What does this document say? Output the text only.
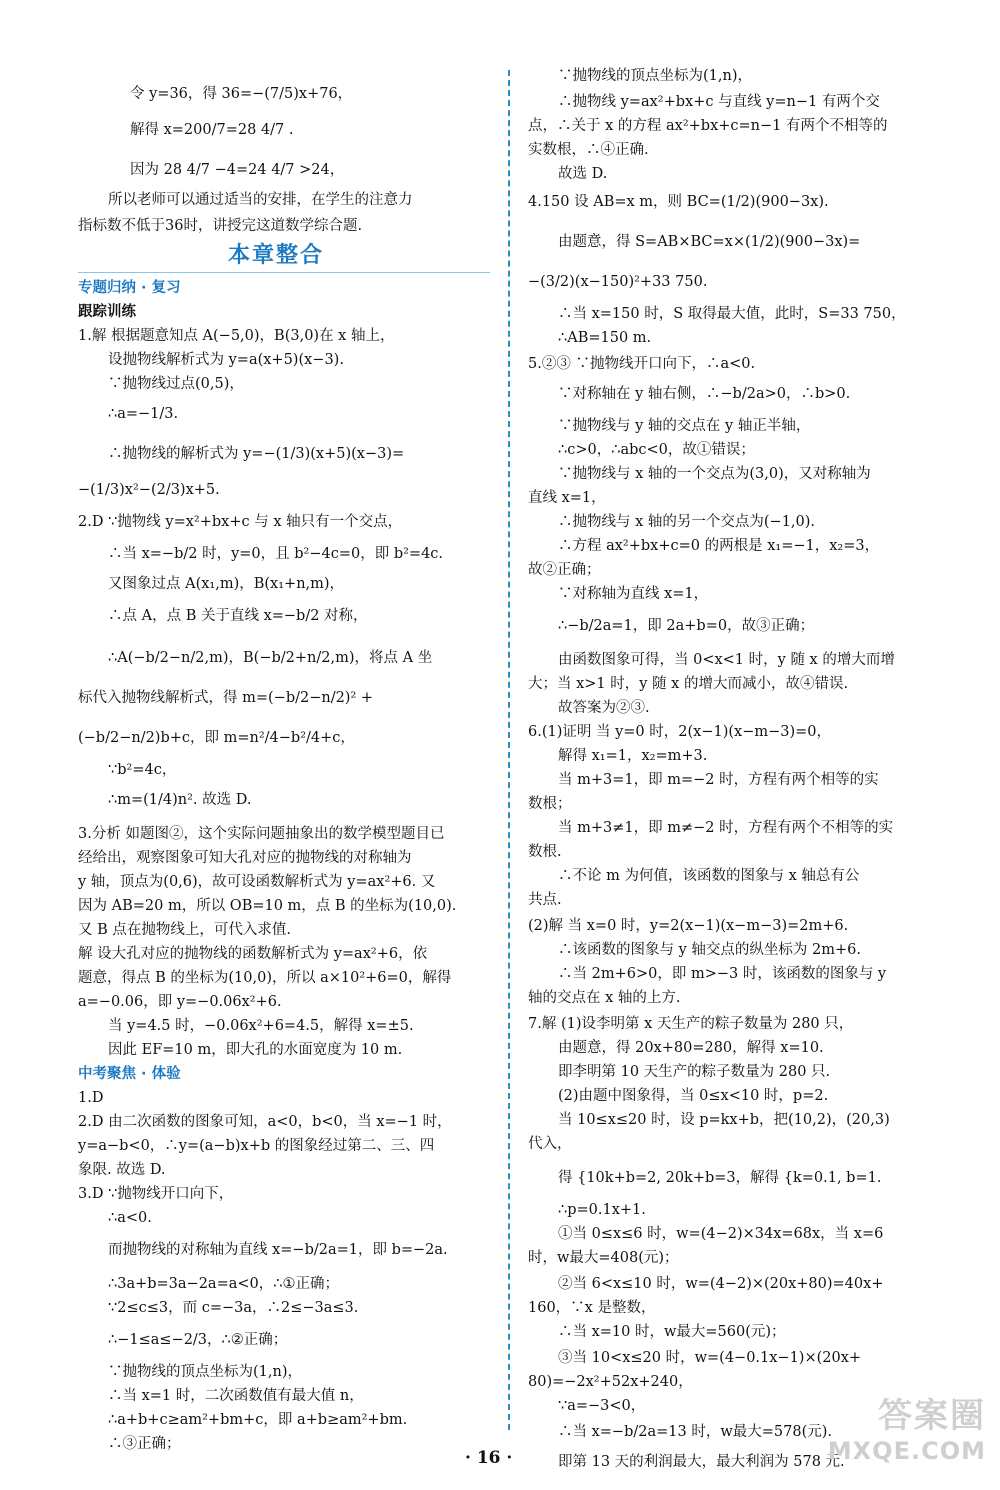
令 y=36，得 36=−(7/5)x+76，
解得 x=200/7=28 4/7 .
因为 28 4/7 −4=24 4/7 >24，
所以老师可以通过适当的安排，在学生的注意力
指标数不低于36时，讲授完这道数学综合题.
本章整合
专题归纳 · 复习
跟踪训练
1.解 根据题意知点 A(−5,0)，B(3,0)在 x 轴上，
设抛物线解析式为 y=a(x+5)(x−3).
∵抛物线过点(0,5)，
∴a=−1/3.
∴抛物线的解析式为 y=−(1/3)(x+5)(x−3)=
−(1/3)x²−(2/3)x+5.
2.D ∵抛物线 y=x²+bx+c 与 x 轴只有一个交点，
∴当 x=−b/2 时，y=0，且 b²−4c=0，即 b²=4c.
又图象过点 A(x₁,m)，B(x₁+n,m)，
∴点 A，点 B 关于直线 x=−b/2 对称，
∴A(−b/2−n/2,m)，B(−b/2+n/2,m)，将点 A 坐
标代入抛物线解析式，得 m=(−b/2−n/2)² +
(−b/2−n/2)b+c，即 m=n²/4−b²/4+c，
∵b²=4c，
∴m=(1/4)n². 故选 D.
3.分析 如题图②，这个实际问题抽象出的数学模型题目已
经给出，观察图象可知大孔对应的抛物线的对称轴为
y 轴，顶点为(0,6)，故可设函数解析式为 y=ax²+6. 又
因为 AB=20 m，所以 OB=10 m，点 B 的坐标为(10,0).
又 B 点在抛物线上，可代入求值.
解 设大孔对应的抛物线的函数解析式为 y=ax²+6，依
题意，得点 B 的坐标为(10,0)，所以 a×10²+6=0，解得
a=−0.06，即 y=−0.06x²+6.
当 y=4.5 时，−0.06x²+6=4.5，解得 x=±5.
因此 EF=10 m，即大孔的水面宽度为 10 m.
中考聚焦 · 体验
1.D
2.D 由二次函数的图象可知，a<0，b<0，当 x=−1 时，
y=a−b<0，∴y=(a−b)x+b 的图象经过第二、三、四
象限. 故选 D.
3.D ∵抛物线开口向下，
∴a<0.
而抛物线的对称轴为直线 x=−b/2a=1，即 b=−2a.
∴3a+b=3a−2a=a<0，∴①正确；
∵2≤c≤3，而 c=−3a，∴2≤−3a≤3.
∴−1≤a≤−2/3，∴②正确；
∵抛物线的顶点坐标为(1,n)，
∴当 x=1 时，二次函数值有最大值 n，
∴a+b+c≥am²+bm+c，即 a+b≥am²+bm.
∴③正确；
∵抛物线的顶点坐标为(1,n)，
∴抛物线 y=ax²+bx+c 与直线 y=n−1 有两个交
点，∴关于 x 的方程 ax²+bx+c=n−1 有两个不相等的
实数根，∴④正确.
故选 D.
4.150 设 AB=x m，则 BC=(1/2)(900−3x).
由题意，得 S=AB×BC=x×(1/2)(900−3x)=
−(3/2)(x−150)²+33 750.
∴当 x=150 时，S 取得最大值，此时，S=33 750，
∴AB=150 m.
5.②③ ∵抛物线开口向下，∴a<0.
∵对称轴在 y 轴右侧，∴−b/2a>0，∴b>0.
∵抛物线与 y 轴的交点在 y 轴正半轴，
∴c>0，∴abc<0，故①错误；
∵抛物线与 x 轴的一个交点为(3,0)，又对称轴为
直线 x=1，
∴抛物线与 x 轴的另一个交点为(−1,0).
∴方程 ax²+bx+c=0 的两根是 x₁=−1，x₂=3，
故②正确；
∵对称轴为直线 x=1，
∴−b/2a=1，即 2a+b=0，故③正确；
由函数图象可得，当 0<x<1 时，y 随 x 的增大而增
大；当 x>1 时，y 随 x 的增大而减小，故④错误.
故答案为②③.
6.(1)证明 当 y=0 时，2(x−1)(x−m−3)=0，
解得 x₁=1，x₂=m+3.
当 m+3=1，即 m=−2 时，方程有两个相等的实
数根；
当 m+3≠1，即 m≠−2 时，方程有两个不相等的实
数根.
∴不论 m 为何值，该函数的图象与 x 轴总有公
共点.
(2)解 当 x=0 时，y=2(x−1)(x−m−3)=2m+6.
∴该函数的图象与 y 轴交点的纵坐标为 2m+6.
∴当 2m+6>0，即 m>−3 时，该函数的图象与 y
轴的交点在 x 轴的上方.
7.解 (1)设李明第 x 天生产的粽子数量为 280 只，
由题意，得 20x+80=280，解得 x=10.
即李明第 10 天生产的粽子数量为 280 只.
(2)由题中图象得，当 0≤x<10 时，p=2.
当 10≤x≤20 时，设 p=kx+b，把(10,2)，(20,3)
代入，
得 {10k+b=2, 20k+b=3，解得 {k=0.1, b=1.
∴p=0.1x+1.
①当 0≤x≤6 时，w=(4−2)×34x=68x，当 x=6
时，w最大=408(元)；
②当 6<x≤10 时，w=(4−2)×(20x+80)=40x+
160，∵x 是整数，
∴当 x=10 时，w最大=560(元)；
③当 10<x≤20 时，w=(4−0.1x−1)×(20x+
80)=−2x²+52x+240，
∵a=−3<0，
∴当 x=−b/2a=13 时，w最大=578(元).
即第 13 天的利润最大，最大利润为 578 元.
· 16 ·
答案圈
MXQE.COM
